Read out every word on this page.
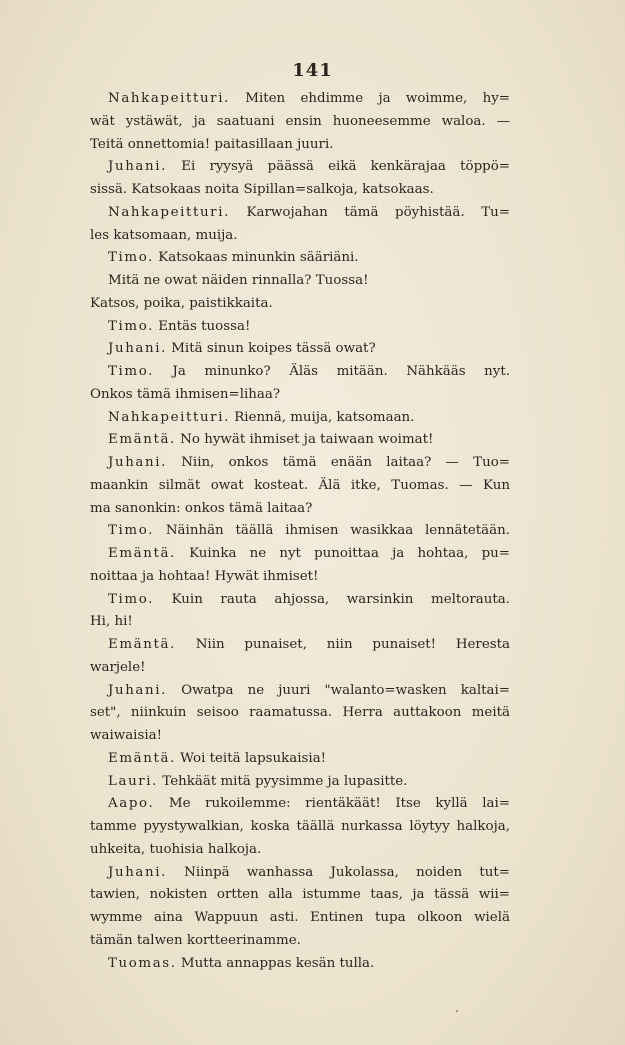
141
Nahkapeitturi. Miten ehdimme ja woimme, hy=
wät ystäwät, ja saatuani ensin huoneesemme waloa. —
Teitä onnettomia! paitasillaan juuri.
Juhani. Ei ryysyä päässä eikä kenkärajaa töppö=
sissä. Katsokaas noita Sipillan=salkoja, katsokaas.
Nahkapeitturi. Karwojahan tämä pöyhistää. Tu=
les katsomaan, muija.
Timo. Katsokaas minunkin sääriäni.
Mitä ne owat näiden rinnalla? Tuossa!
Katsos, poika, paistikkaita.
Timo. Entäs tuossa!
Juhani. Mitä sinun koipes tässä owat?
Timo. Ja minunko? Äläs mitään. Nähkääs nyt.
Onkos tämä ihmisen=lihaa?
Nahkapeitturi. Riennä, muija, katsomaan.
Emäntä. No hywät ihmiset ja taiwaan woimat!
Juhani. Niin, onkos tämä enään laitaa? — Tuo=
maankin silmät owat kosteat. Älä itke, Tuomas. — Kun
ma sanonkin: onkos tämä laitaa?
Timo. Näinhän täällä ihmisen wasikkaa lennätetään.
Emäntä. Kuinka ne nyt punoittaa ja hohtaa, pu=
noittaa ja hohtaa! Hywät ihmiset!
Timo. Kuin rauta ahjossa, warsinkin meltorauta.
Hi, hi!
Emäntä. Niin punaiset, niin punaiset! Heresta
warjele!
Juhani. Owatpa ne juuri "walanto=wasken kaltai=
set", niinkuin seisoo raamatussa. Herra auttakoon meitä
waiwaisia!
Emäntä. Woi teitä lapsukaisia!
Lauri. Tehkäät mitä pyysimme ja lupasitte.
Aapo. Me rukoilemme: rientäkäät! Itse kyllä lai=
tamme pyystywalkian, koska täällä nurkassa löytyy halkoja,
uhkeita, tuohisia halkoja.
Juhani. Niinpä wanhassa Jukolassa, noiden tut=
tawien, nokisten ortten alla istumme taas, ja tässä wii=
wymme aina Wappuun asti. Entinen tupa olkoon wielä
tämän talwen kortteerinamme.
Tuomas. Mutta annappas kesän tulla.
